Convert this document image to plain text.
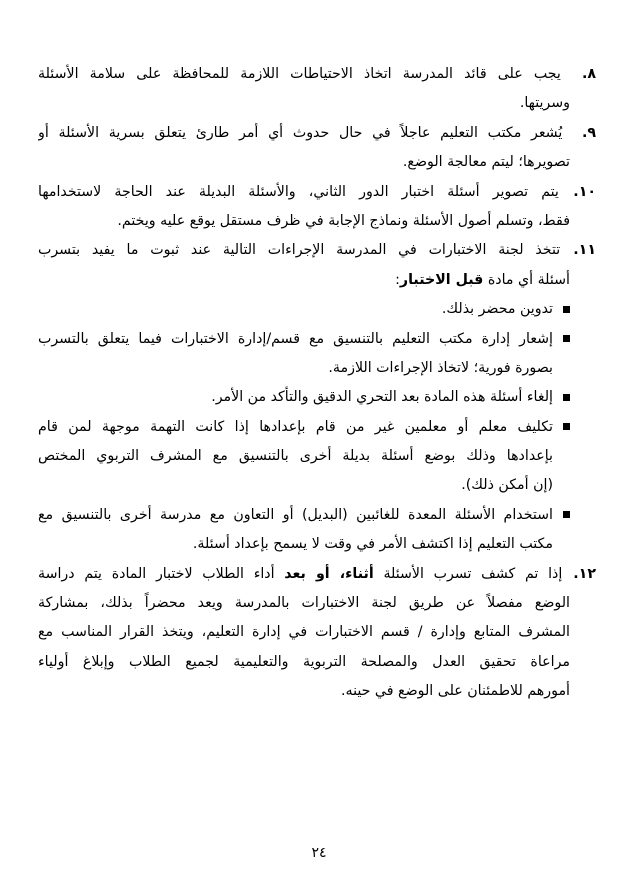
٨. يجب على قائد المدرسة اتخاذ الاحتياطات اللازمة للمحافظة على سلامة الأسئلة
وسريتها.
٩. يُشعر مكتب التعليم عاجلاً في حال حدوث أي أمر طارئ يتعلق بسرية الأسئلة أو
تصويرها؛ ليتم معالجة الوضع.
١٠. يتم تصوير أسئلة اختبار الدور الثاني، والأسئلة البديلة عند الحاجة لاستخدامها
فقط، وتسلم أصول الأسئلة ونماذج الإجابة في ظرف مستقل يوقع عليه ويختم.
١١. تتخذ لجنة الاختبارات في المدرسة الإجراءات التالية عند ثبوت ما يفيد بتسرب
أسئلة أي مادة قبل الاختبار:
تدوين محضر بذلك.
إشعار إدارة مكتب التعليم بالتنسيق مع قسم/إدارة الاختبارات فيما يتعلق بالتسرب
بصورة فورية؛ لاتخاذ الإجراءات اللازمة.
إلغاء أسئلة هذه المادة بعد التحري الدقيق والتأكد من الأمر.
تكليف معلم أو معلمين غير من قام بإعدادها إذا كانت التهمة موجهة لمن قام
بإعدادها وذلك بوضع أسئلة بديلة أخرى بالتنسيق مع المشرف التربوي المختص
(إن أمكن ذلك).
استخدام الأسئلة المعدة للغائبين (البديل) أو التعاون مع مدرسة أخرى بالتنسيق مع
مكتب التعليم إذا اكتشف الأمر في وقت لا يسمح بإعداد أسئلة.
١٢. إذا تم كشف تسرب الأسئلة أثناء، أو بعد أداء الطلاب لاختبار المادة يتم دراسة
الوضع مفصلاً عن طريق لجنة الاختبارات بالمدرسة ويعد محضراً بذلك، بمشاركة
المشرف المتابع وإدارة / قسم الاختبارات في إدارة التعليم، ويتخذ القرار المناسب مع
مراعاة تحقيق العدل والمصلحة التربوية والتعليمية لجميع الطلاب وإبلاغ أولياء
أمورهم للاطمئنان على الوضع في حينه.
٢٤
